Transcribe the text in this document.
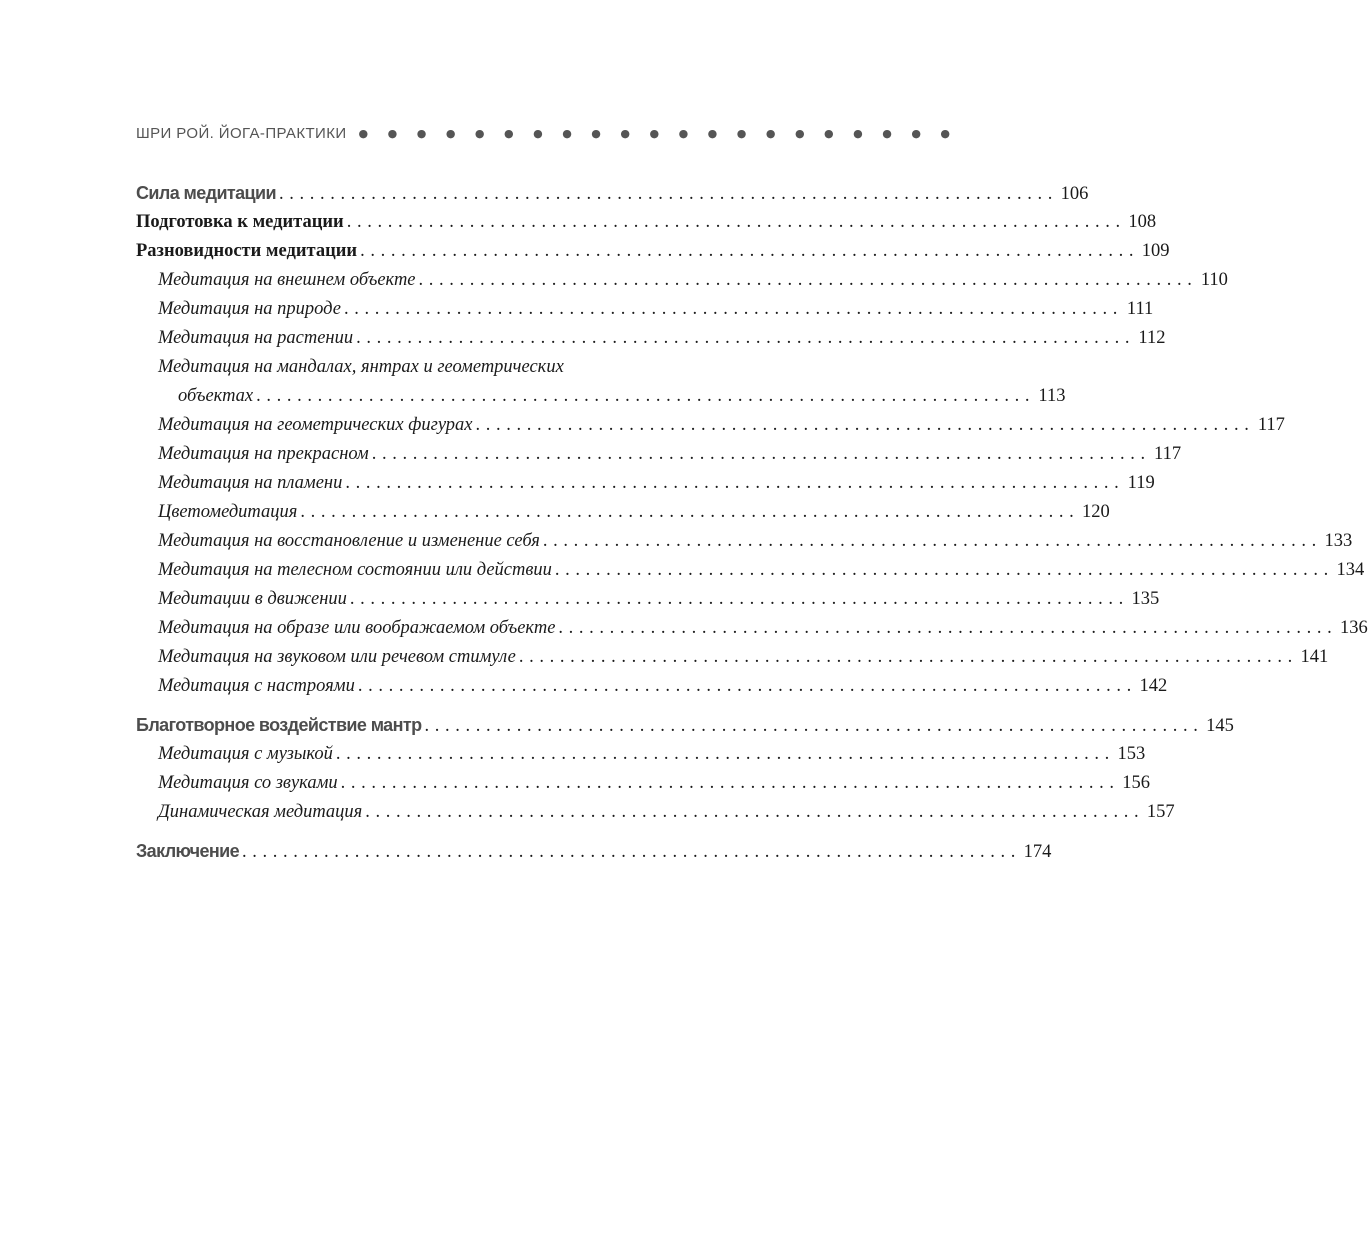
ШРИ РОЙ. ЙОГА-ПРАКТИКИ ● ● ● ● ● ● ● ● ● ● ● ● ● ● ● ● ● ● ● ● ●
Сила медитации . . .	106
Подготовка к медитации . . .	108
Разновидности медитации . . .	109
Медитация на внешнем объекте . . .	110
Медитация на природе . . .	111
Медитация на растении . . .	112
Медитация на мандалах, янтрах и геометрических
объектах . . .	113
Медитация на геометрических фигурах . . .	117
Медитация на прекрасном . . .	117
Медитация на пламени . . .	119
Цветомедитация . . .	120
Медитация на восстановление и изменение себя . . .	133
Медитация на телесном состоянии или действии . . .	134
Медитации в движении . . .	135
Медитация на образе или воображаемом объекте . . .	136
Медитация на звуковом или речевом стимуле . . .	141
Медитация с настроями . . .	142
Благотворное воздействие мантр . . .	145
Медитация с музыкой . . .	153
Медитация со звуками . . .	156
Динамическая медитация . . .	157
Заключение . . .	174
